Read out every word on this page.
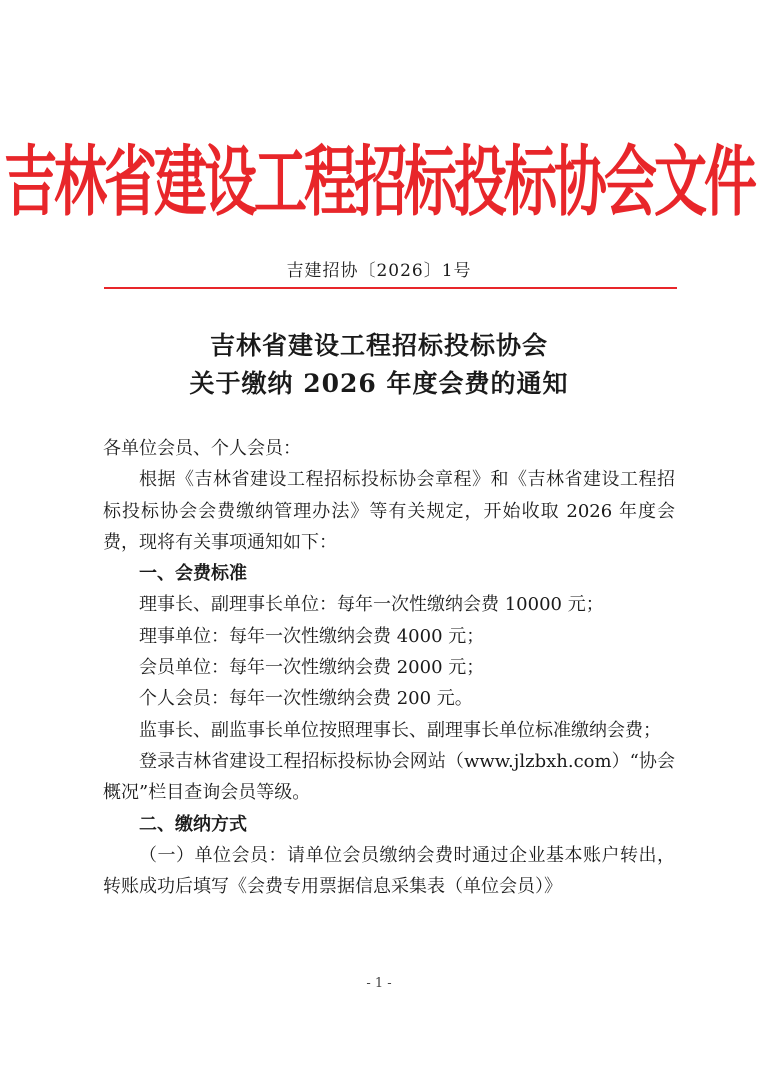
吉林省建设工程招标投标协会文件
吉建招协〔2026〕1号
吉林省建设工程招标投标协会
关于缴纳 2026 年度会费的通知

各单位会员、个人会员：

根据《吉林省建设工程招标投标协会章程》和《吉林省建设工程招标投标协会会费缴纳管理办法》等有关规定，开始收取 2026 年度会费，现将有关事项通知如下：

一、会费标准

理事长、副理事长单位：每年一次性缴纳会费 10000 元；

理事单位：每年一次性缴纳会费 4000 元；

会员单位：每年一次性缴纳会费 2000 元；

个人会员：每年一次性缴纳会费 200 元。

监事长、副监事长单位按照理事长、副理事长单位标准缴纳会费；

登录吉林省建设工程招标投标协会网站（www.jlzbxh.com）“协会概况”栏目查询会员等级。

二、缴纳方式

（一）单位会员：请单位会员缴纳会费时通过企业基本账户转出，转账成功后填写《会费专用票据信息采集表（单位会员）》

- 1 -
